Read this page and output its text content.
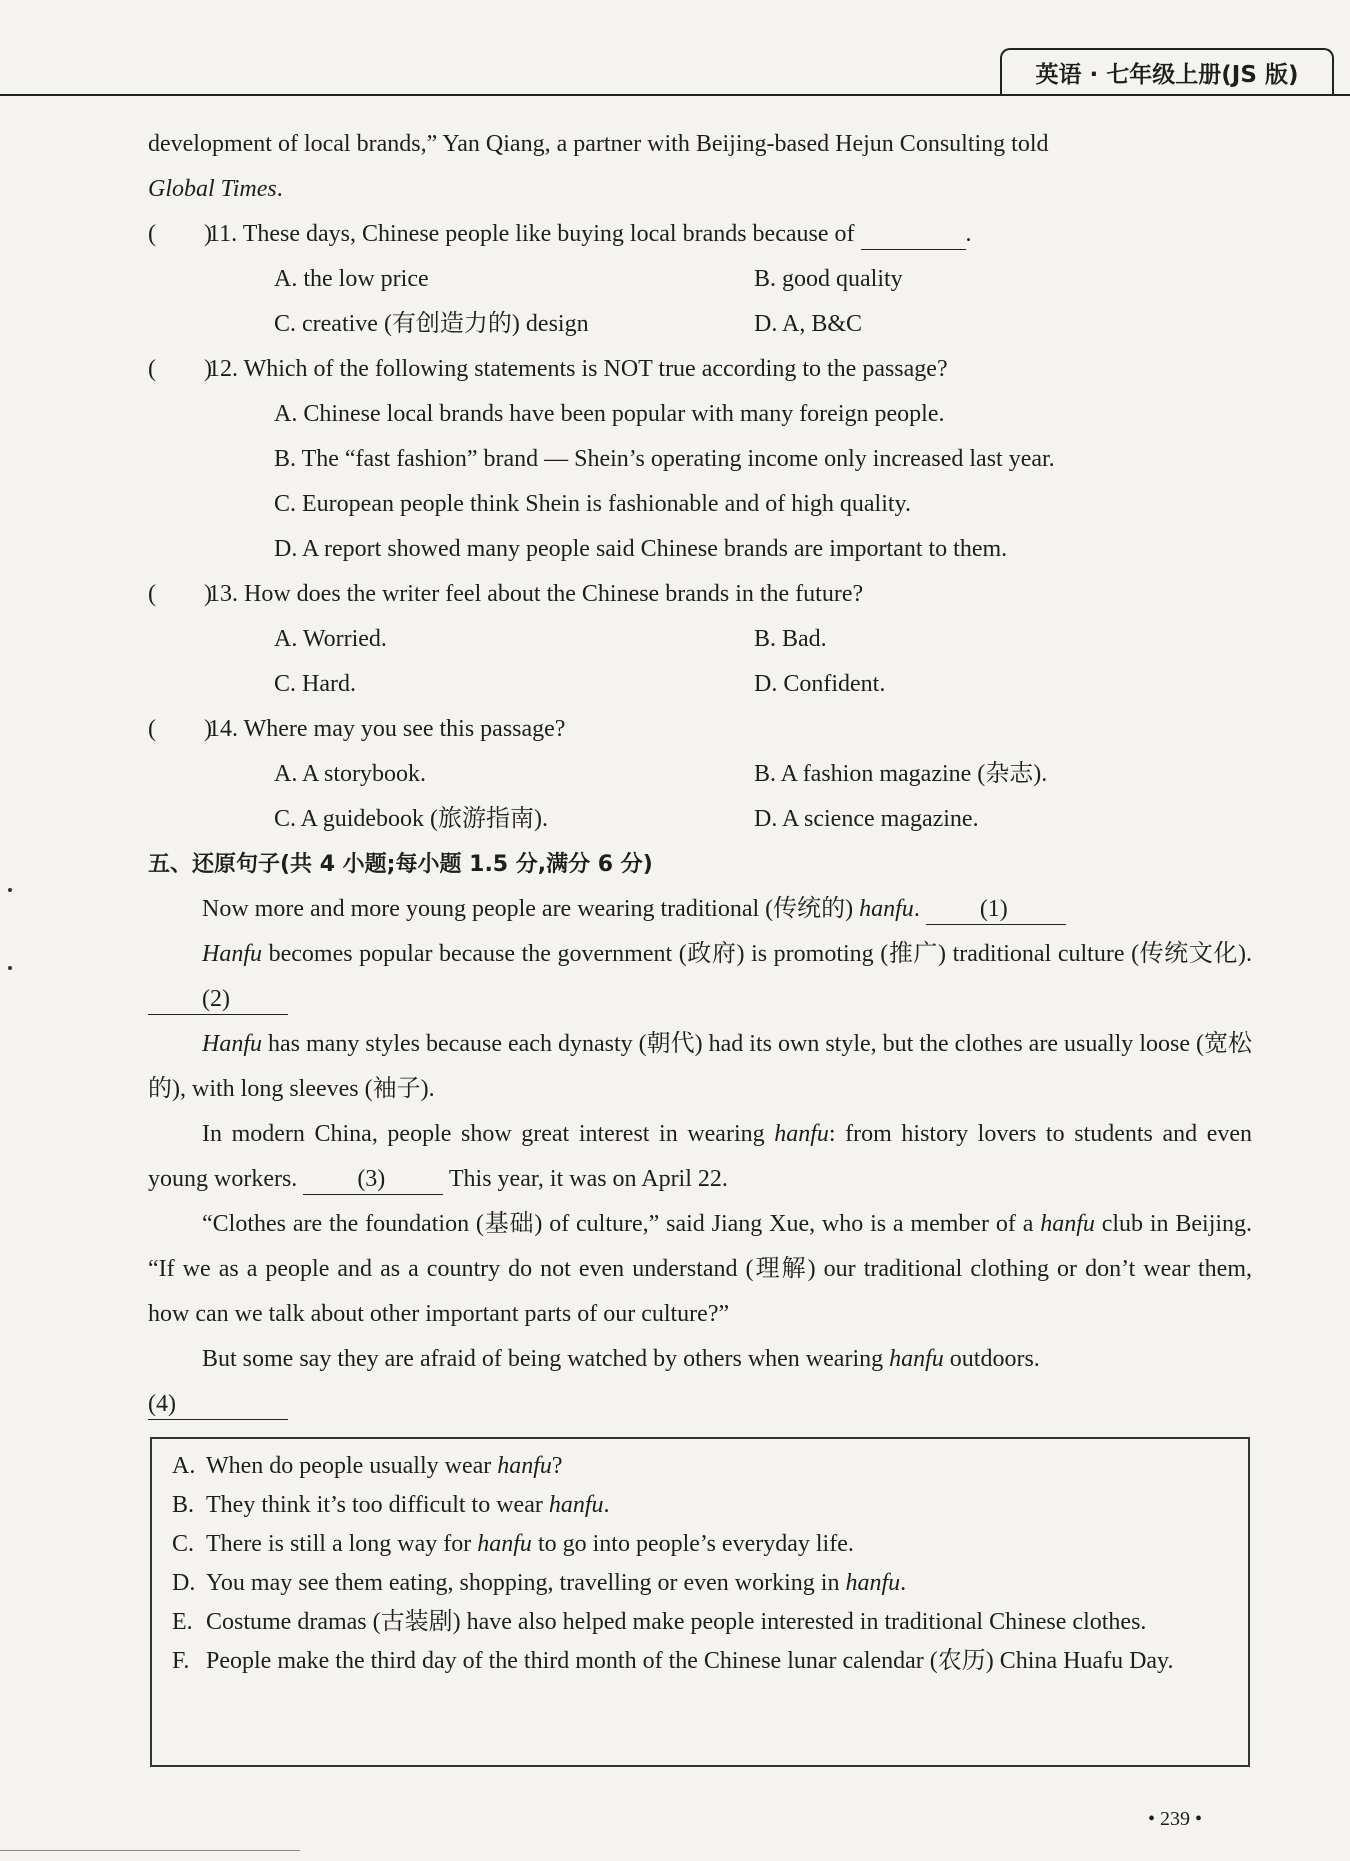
英语 · 七年级上册(JS 版)

development of local brands,” Yan Qiang, a partner with Beijing-based Hejun Consulting told
Global Times.

(        )
11. These days, Chinese people like buying local brands because of	.
A. the low price	B. good quality
C. creative (有创造力的) design	D. A, B&C
(        )
12. Which of the following statements is NOT true according to the passage?
A. Chinese local brands have been popular with many foreign people.
B. The “fast fashion” brand — Shein’s operating income only increased last year.
C. European people think Shein is fashionable and of high quality.
D. A report showed many people said Chinese brands are important to them.
(        )
13. How does the writer feel about the Chinese brands in the future?
A. Worried.	B. Bad.
C. Hard.	D. Confident.
(        )
14. Where may you see this passage?
A. A storybook.	B. A fashion magazine (杂志).
C. A guidebook (旅游指南).	D. A science magazine.

五、还原句子(共 4 小题;每小题 1.5 分,满分 6 分)

Now more and more young people are wearing traditional (传统的) hanfu.	(1)

Hanfu becomes popular because the government (政府) is promoting (推广) traditional culture (传统文化). (2)

Hanfu has many styles because each dynasty (朝代) had its own style, but the clothes are usually loose (宽松的), with long sleeves (袖子).

In modern China, people show great interest in wearing hanfu: from history lovers to students and even young workers.	(3)	This year, it was on April 22.

“Clothes are the foundation (基础) of culture,” said Jiang Xue, who is a member of a hanfu club in Beijing. “If we as a people and as a country do not even understand (理解) our traditional clothing or don’t wear them, how can we talk about other important parts of our culture?”

But some say they are afraid of being watched by others when wearing hanfu outdoors.

(4)

A. When do people usually wear hanfu?
B. They think it’s too difficult to wear hanfu.
C. There is still a long way for hanfu to go into people’s everyday life.
D. You may see them eating, shopping, travelling or even working in hanfu.
E. Costume dramas (古装剧) have also helped make people interested in traditional Chinese clothes.
F. People make the third day of the third month of the Chinese lunar calendar (农历) China Huafu Day.
• 239 •
